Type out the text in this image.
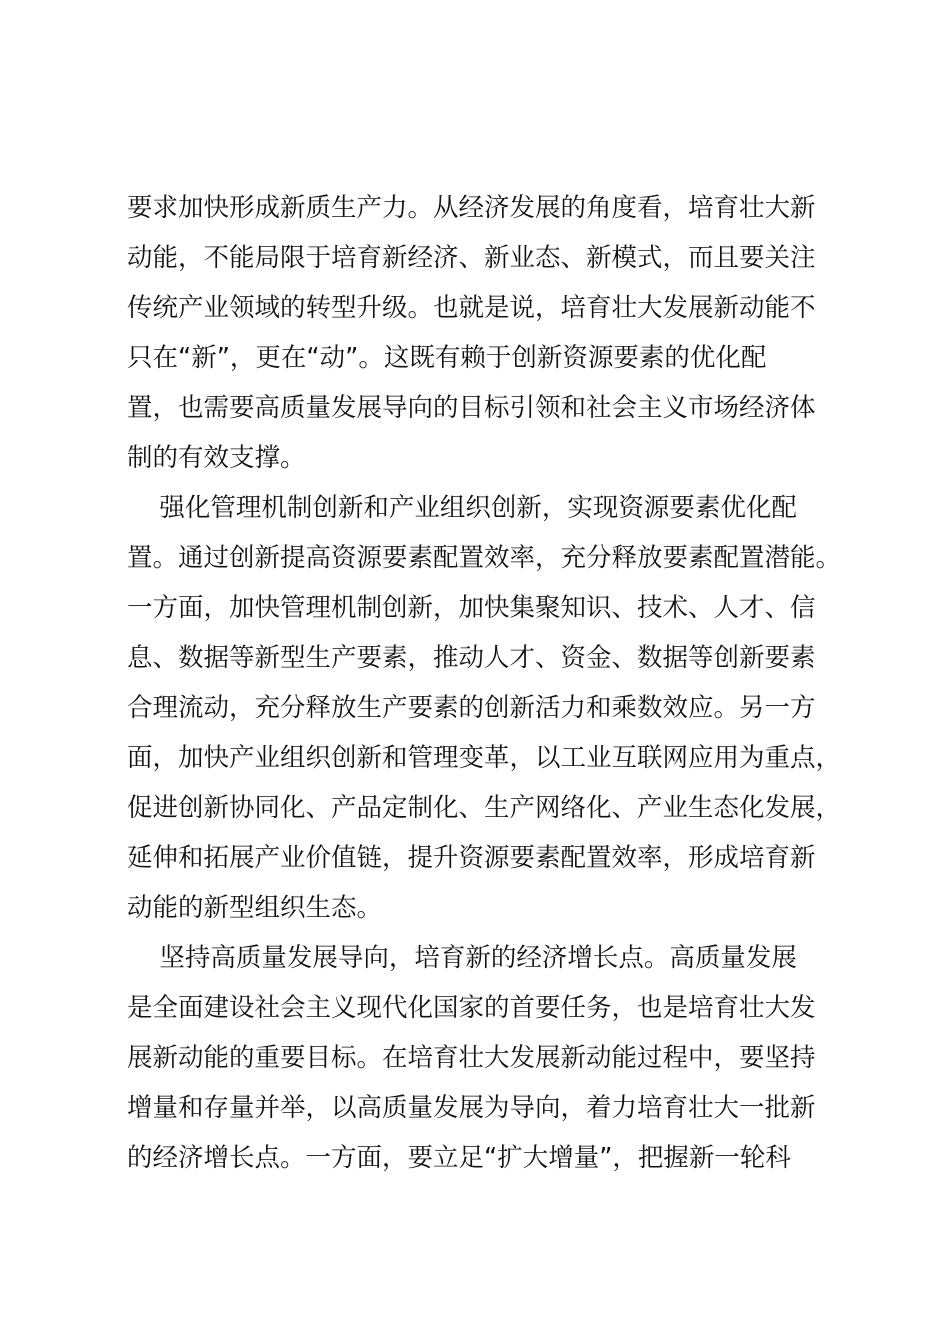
要求加快形成新质生产力。从经济发展的角度看，培育壮大新
动能，不能局限于培育新经济、新业态、新模式，而且要关注
传统产业领域的转型升级。也就是说，培育壮大发展新动能不
只在“新”，更在“动”。这既有赖于创新资源要素的优化配
置，也需要高质量发展导向的目标引领和社会主义市场经济体
制的有效支撑。
强化管理机制创新和产业组织创新，实现资源要素优化配
置。通过创新提高资源要素配置效率，充分释放要素配置潜能。
一方面，加快管理机制创新，加快集聚知识、技术、人才、信
息、数据等新型生产要素，推动人才、资金、数据等创新要素
合理流动，充分释放生产要素的创新活力和乘数效应。另一方
面，加快产业组织创新和管理变革，以工业互联网应用为重点，
促进创新协同化、产品定制化、生产网络化、产业生态化发展，
延伸和拓展产业价值链，提升资源要素配置效率，形成培育新
动能的新型组织生态。
坚持高质量发展导向，培育新的经济增长点。高质量发展
是全面建设社会主义现代化国家的首要任务，也是培育壮大发
展新动能的重要目标。在培育壮大发展新动能过程中，要坚持
增量和存量并举，以高质量发展为导向，着力培育壮大一批新
的经济增长点。一方面，要立足“扩大增量”，把握新一轮科
